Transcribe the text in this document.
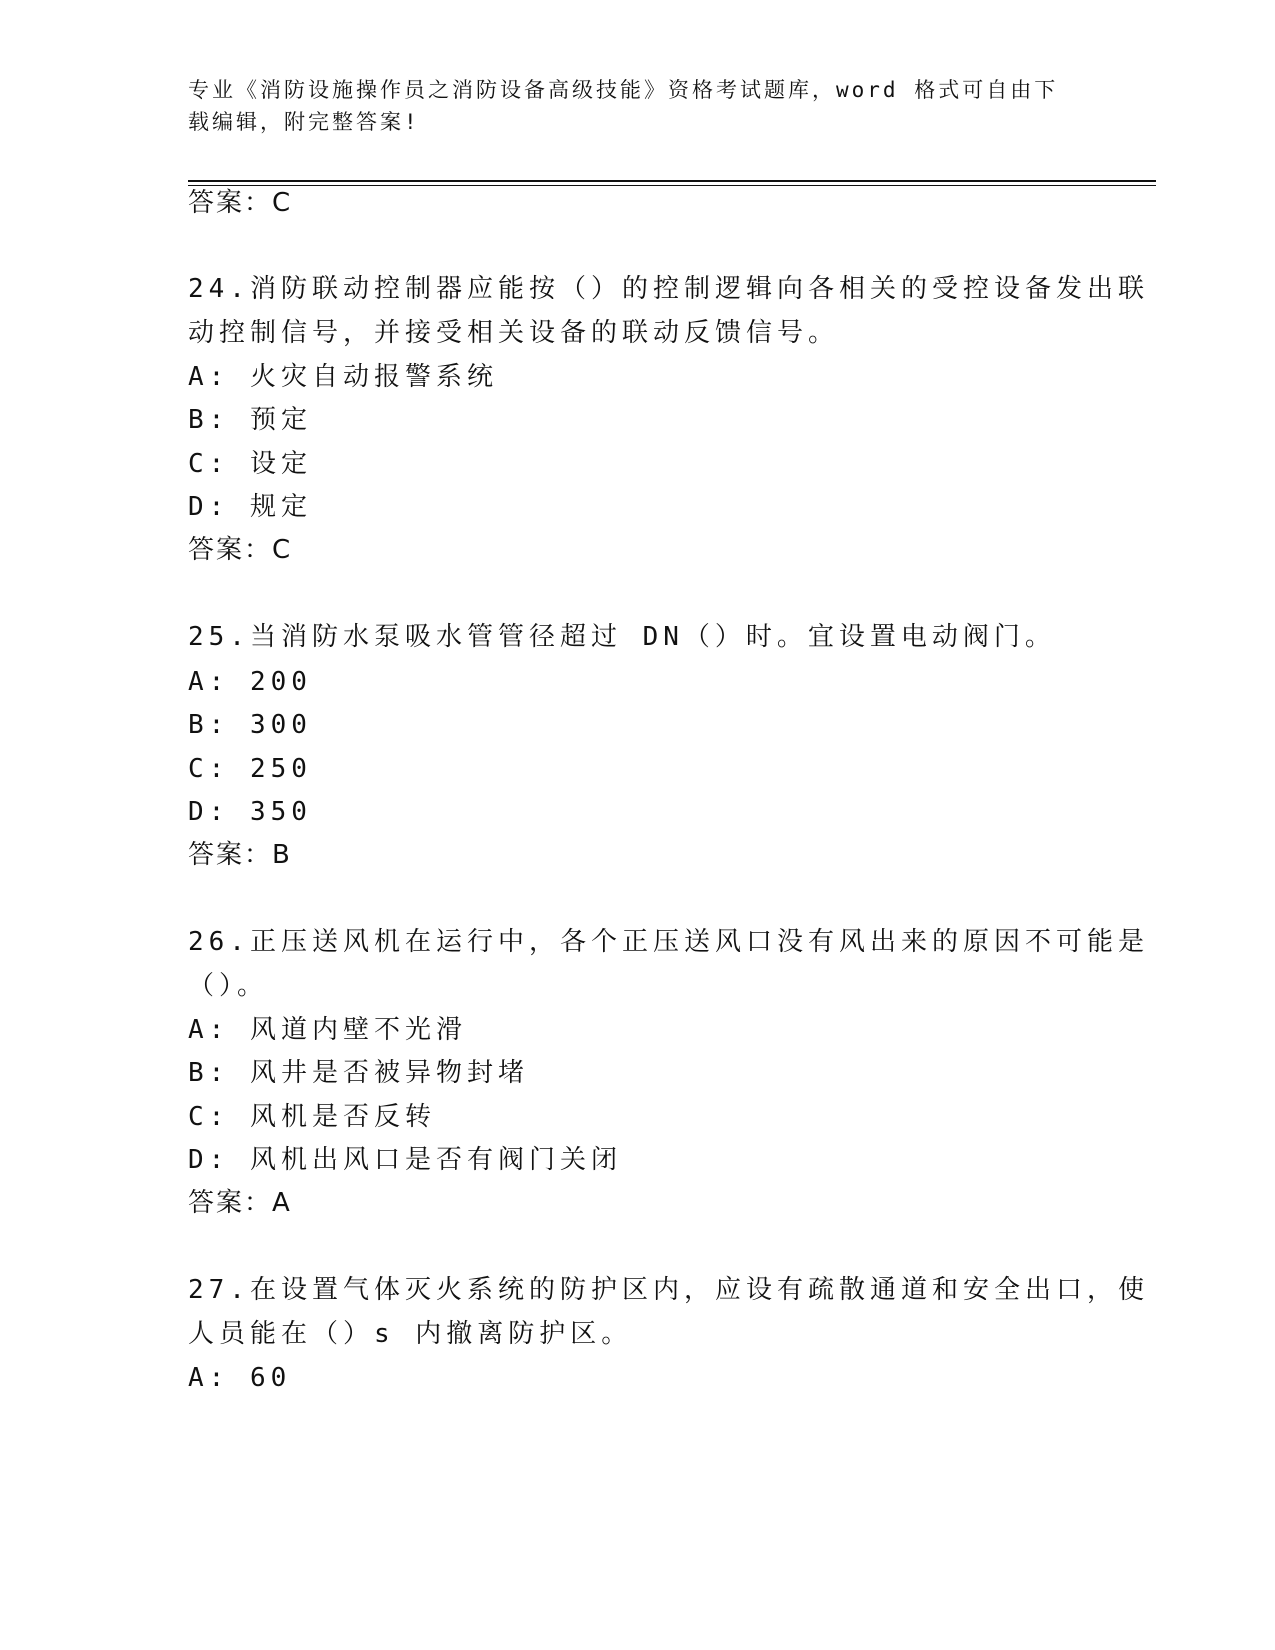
专业《消防设施操作员之消防设备高级技能》资格考试题库，word 格式可自由下
载编辑，附完整答案!
答案：C
24.消防联动控制器应能按（）的控制逻辑向各相关的受控设备发出联
动控制信号，并接受相关设备的联动反馈信号。
A: 火灾自动报警系统
B: 预定
C: 设定
D: 规定
答案：C
25.当消防水泵吸水管管径超过 DN（）时。宜设置电动阀门。
A: 200
B: 300
C: 250
D: 350
答案：B
26.正压送风机在运行中，各个正压送风口没有风出来的原因不可能是
（）。
A: 风道内壁不光滑
B: 风井是否被异物封堵
C: 风机是否反转
D: 风机出风口是否有阀门关闭
答案：A
27.在设置气体灭火系统的防护区内，应设有疏散通道和安全出口，使
人员能在（）s 内撤离防护区。
A: 60
